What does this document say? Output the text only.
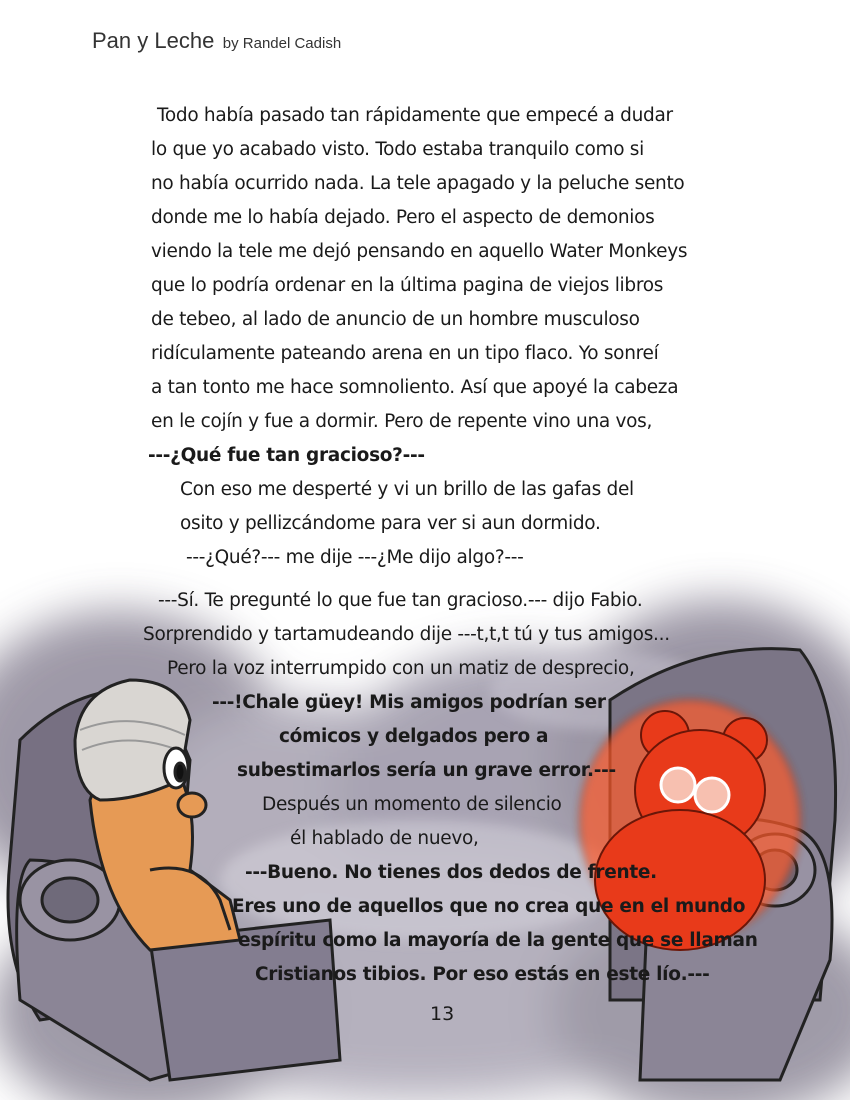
Pan y Leche by Randel Cadish
Todo había pasado tan rápidamente que empecé a dudar
lo que yo acabado visto. Todo estaba tranquilo como si
no había ocurrido nada. La tele apagado y la peluche sento
donde me lo había dejado. Pero el aspecto de demonios
viendo la tele me dejó pensando en aquello Water Monkeys
que lo podría ordenar en la última pagina de viejos libros
de tebeo, al lado de anuncio de un hombre musculoso
ridículamente pateando arena en un tipo flaco. Yo sonreí
a tan tonto me hace somnoliento. Así que apoyé la cabeza
en le cojín y fue a dormir. Pero de repente vino una vos,
---¿Qué fue tan gracioso?---
Con eso me desperté y vi un brillo de las gafas del
osito y pellizcándome para ver si aun dormido.
---¿Qué?--- me dije ---¿Me dijo algo?---
---Sí. Te pregunté lo que fue tan gracioso.--- dijo Fabio.
Sorprendido y tartamudeando dije ---t,t,t tú y tus amigos...
Pero la voz interrumpido con un matiz de desprecio,
---!Chale güey! Mis amigos podrían ser
cómicos y delgados pero a
subestimarlos sería un grave error.---
Después un momento de silencio
él hablado de nuevo,
---Bueno. No tienes dos dedos de frente.
Eres uno de aquellos que no crea que en el mundo
espíritu como la mayoría de la gente que se llaman
Cristianos tibios. Por eso estás en este lío.---
13
